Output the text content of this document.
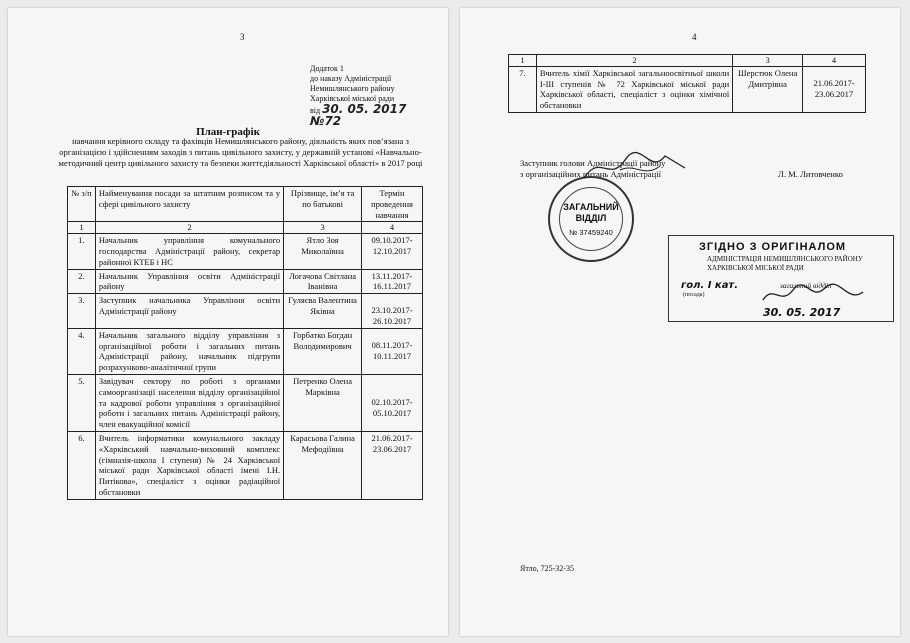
3
Додаток 1
до наказу Адміністрації
Немишлянського району
Харківської міської ради
від 30. 05. 2017 №72
План-графік
навчання керівного складу та фахівців Немишлянського району, діяльність яких пов’язана з організацією і здійсненням заходів з питань цивільного захисту, у державній установі «Навчально-методичний центр цивільного захисту та безпеки життєдіяльності Харківської області» в 2017 році
№ з/п	Найменування посади за штатним розписом та у сфері цивільного захисту	Прізвище, ім’я та по батькові	Термін проведення навчання
1	2	3	4
1.	Начальник управління комунального господарства Адміністрації району, секретар районної КТЕБ і НС	Ятло Зоя Миколаївна	09.10.2017- 12.10.2017
2.	Начальник Управління освіти Адміністрації району	Логачова Світлана Іванівна	13.11.2017- 16.11.2017
3.	Заступник начальника Управління освіти Адміністрації району	Гуляєва Валентина Яківна	23.10.2017- 26.10.2017
4.	Начальник загального відділу управління з організаційної роботи і загальних питань Адміністрації району, начальник підгрупи розрахунково-аналітичної групи	Горбатко Богдан Володимирович	08.11.2017- 10.11.2017
5.	Завідувач сектору по роботі з органами самоорганізації населення відділу організаційної та кадрової роботи управління з організаційної роботи і загальних питань Адміністрації району, член евакуаційної комісії	Петренко Олена Марківна	02.10.2017- 05.10.2017
6.	Вчитель інформатики комунального закладу «Харківський навчально-виховний комплекс (гімназія-школа І ступеня) № 24 Харківської міської ради Харківської області імені І.Н. Питікова», спеціаліст з оцінки радіаційної обстановки	Карасьова Галина Мефодіївна	21.06.2017- 23.06.2017
4
1	2	3	4
7.	Вчитель хімії Харківської загальноосвітньої школи І-ІІІ ступенів № 72 Харківської міської ради Харківської області, спеціаліст з оцінки хімічної обстановки	Шерстюк Олена Дмитрівна	21.06.2017- 23.06.2017
Заступник голови Адміністрації району
з організаційних питань Адміністрації	Л. М. Литовченко
ЗАГАЛЬНИЙ
ВІДДІЛ
№ 37459240
ЗГІДНО З ОРИГІНАЛОМ
АДМІНІСТРАЦІЯ НЕМИШЛЯНСЬКОГО РАЙОНУ ХАРКІВСЬКОЇ МІСЬКОЇ РАДИ
гол. І кат.	загальний відділ
(посада)
30. 05. 2017
Ятло, 725-32-35
